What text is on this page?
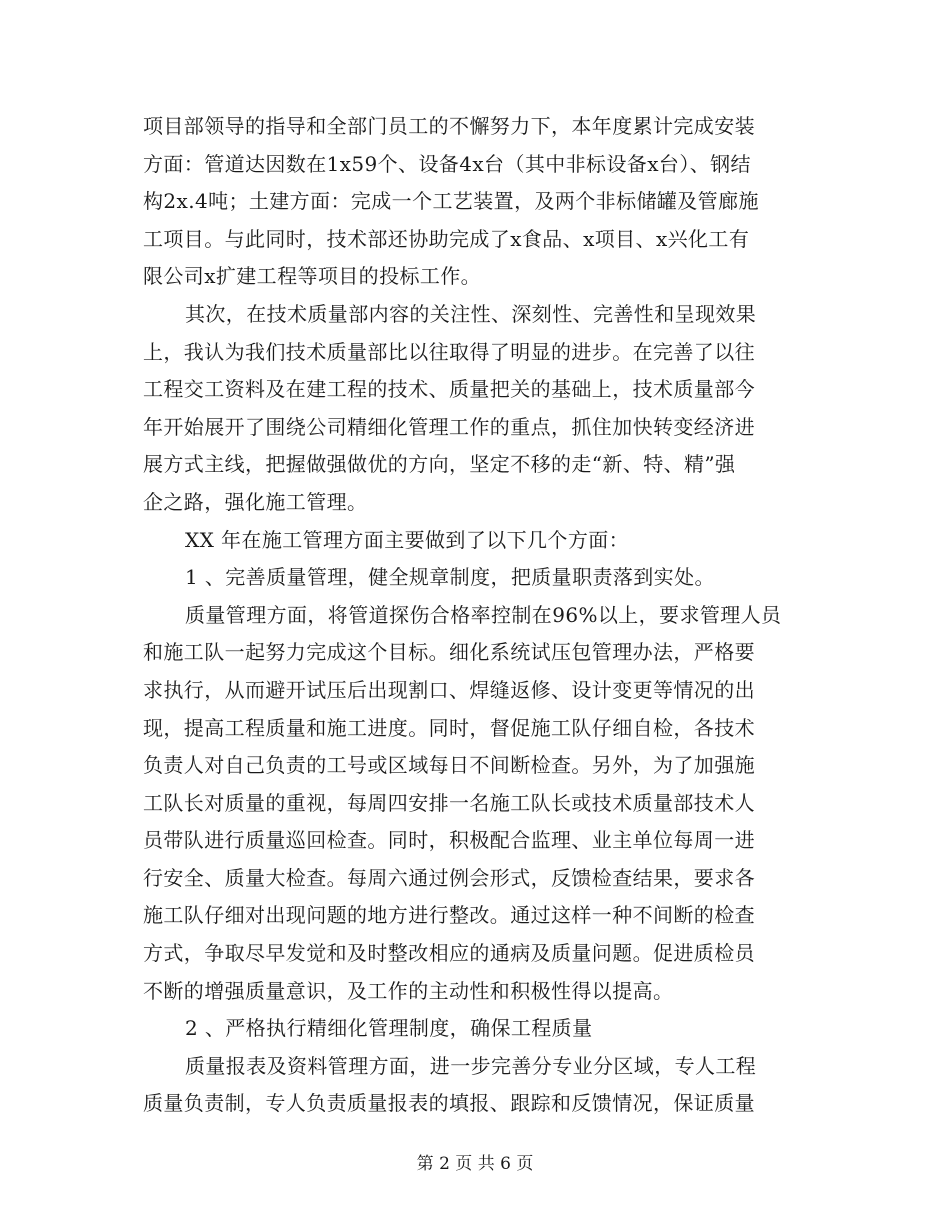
项目部领导的指导和全部门员工的不懈努力下，本年度累计完成安装
方面：管道达因数在1x59个、设备4x台（其中非标设备x台）、钢结
构2x.4吨；土建方面：完成一个工艺装置，及两个非标储罐及管廊施
工项目。与此同时，技术部还协助完成了x食品、x项目、x兴化工有
限公司x扩建工程等项目的投标工作。
其次，在技术质量部内容的关注性、深刻性、完善性和呈现效果
上，我认为我们技术质量部比以往取得了明显的进步。在完善了以往
工程交工资料及在建工程的技术、质量把关的基础上，技术质量部今
年开始展开了围绕公司精细化管理工作的重点，抓住加快转变经济进
展方式主线，把握做强做优的方向，坚定不移的走“新、特、精”强
企之路，强化施工管理。
XX 年在施工管理方面主要做到了以下几个方面：
1 、完善质量管理，健全规章制度，把质量职责落到实处。
质量管理方面，将管道探伤合格率控制在96%以上，要求管理人员
和施工队一起努力完成这个目标。细化系统试压包管理办法，严格要
求执行，从而避开试压后出现割口、焊缝返修、设计变更等情况的出
现，提高工程质量和施工进度。同时，督促施工队仔细自检，各技术
负责人对自己负责的工号或区域每日不间断检查。另外，为了加强施
工队长对质量的重视，每周四安排一名施工队长或技术质量部技术人
员带队进行质量巡回检查。同时，积极配合监理、业主单位每周一进
行安全、质量大检查。每周六通过例会形式，反馈检查结果，要求各
施工队仔细对出现问题的地方进行整改。通过这样一种不间断的检查
方式，争取尽早发觉和及时整改相应的通病及质量问题。促进质检员
不断的增强质量意识，及工作的主动性和积极性得以提高。
2 、严格执行精细化管理制度，确保工程质量
质量报表及资料管理方面，进一步完善分专业分区域，专人工程
质量负责制，专人负责质量报表的填报、跟踪和反馈情况，保证质量
第 2 页 共 6 页
